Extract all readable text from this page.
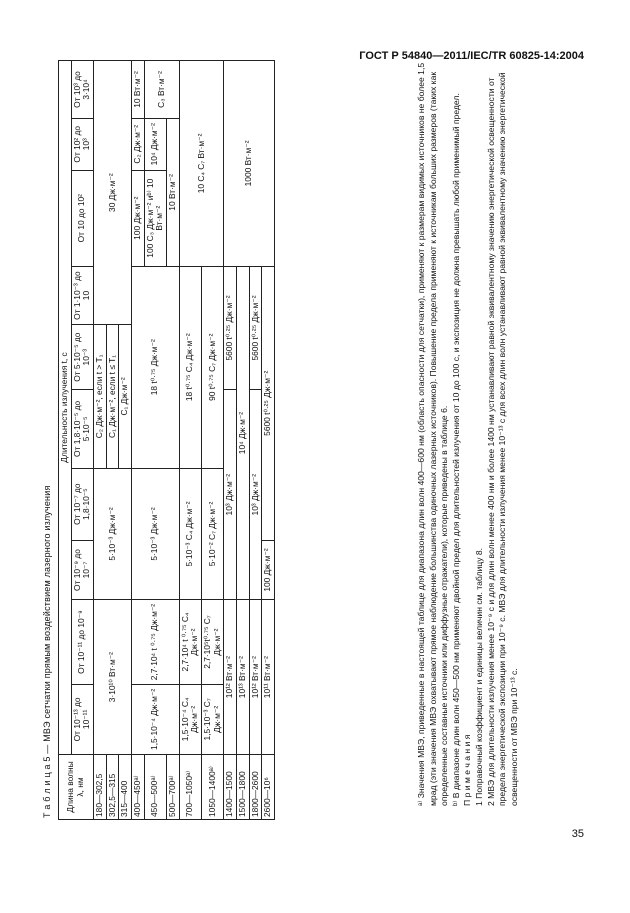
ГОСТ Р 54840—2011/IEC/TR 60825-14:2004
Т а б л и ц а 5 — МВЭ сетчатки прямым воздействием лазерного излучения Длина волны λ, нм	Длительность излучения t, с									
	От 10⁻¹³ до 10⁻¹¹	От 10⁻¹¹ до 10⁻⁹	От 10⁻⁹ до 10⁻⁷	От 10⁻⁷ до 1,8·10⁻⁵	От 1,8·10⁻⁵ до 5·10⁻⁵	От 5·10⁻⁵ до 10⁻³	От 1·10⁻³ до 10	От 10 до 10²	От 10² до 10³	От 10³ до 3·10⁴
180—302,5	3·10¹⁰ Вт·м⁻²		5·10⁻³ Дж·м⁻²		С₂ Дж·м⁻², если t > T₁		30 Дж·м⁻²			
302,5—315					С₁ Дж·м⁻², если t ≤ T₁					
315—400					С₁ Дж·м⁻²					
400—450ᵃ⁾	1,5·10⁻⁴ Дж·м⁻²	2,7·10⁴ t ⁰·⁷⁵ Дж·м⁻²	5·10⁻³ Дж·м⁻²		18 t⁰·⁷⁵ Дж·м⁻²			100 Дж·м⁻²	С₂ Дж·м⁻²	10 Вт·м⁻²
450—500ᵃ⁾								100 С₃ Дж·м⁻² иᵇ⁾ 10 Вт·м⁻²	10⁴ Дж·м⁻²	С₃ Вт·м⁻²
500—700ᵃ⁾								10 Вт·м⁻²		
700—1050ᵃ⁾	1,5·10⁻⁴ С₄ Дж·м⁻²	2,7·10⁴ t ⁰·⁷⁵ С₄ Дж·м⁻²	5·10⁻³ С₄ Дж·м⁻²		18 t⁰·⁷⁵ С₄ Дж·м⁻²			10 С₄ С₇ Вт·м⁻²		
1050—1400ᵃ⁾	1,5·10⁻³ С₇ Дж·м⁻²	2,7·10⁵t⁰·⁷⁵ С₇ Дж·м⁻²	5·10⁻² С₇ Дж·м⁻²		90 t⁰·⁷⁵ С₇ Дж·м⁻²					
1400—1500	10¹² Вт·м⁻²		10³ Дж·м⁻²			5600 t⁰·²⁵ Дж·м⁻²		1000 Вт·м⁻²		
1500—1800	10¹³ Вт·м⁻²		10⁴ Дж·м⁻²							
1800—2600	10¹² Вт·м⁻²		10³ Дж·м⁻²			5600 t⁰·²⁵ Дж·м⁻²				
2600—10⁶	10¹¹ Вт·м⁻²		100 Дж·м⁻²	5600 t⁰·²⁵ Дж·м⁻²							ᵃ⁾ Значения МВЭ, приведенные в настоящей таблице для диапазона длин волн 400—600 нм (область опасности для сетчатки), применяют к размерам видимых источников не более 1,5 мрад (эти значения МВЭ охватывают прямое наблюдение большинства одиночных лазерных источников). Повышение предела применяют к источникам больших размеров (таких как определенные составные источники или диффузные отражатели), которые приведены в таблице 6. ᵇ⁾ В диапазоне длин волн 450—500 нм применяют двойной предел для длительностей излучения от 10 до 100 с, и экспозиция не должна превышать любой применимый предел. П р и м е ч а н и я 1 Поправочный коэффициент и единицы величин см. таблицу 8. 2 МВЭ для длительности излучения менее 10⁻⁹ с и для длин волн менее 400 нм и более 1400 нм устанавливают равной эквивалентному значению энергетической освещенности от предела энергетической экспозиции при 10⁻⁹ с. МВЭ для длительности излучения менее 10⁻¹³ с для всех длин волн устанавливают равной эквивалентному значению энергетической освещенности от МВЭ при 10⁻¹³ с.

35
